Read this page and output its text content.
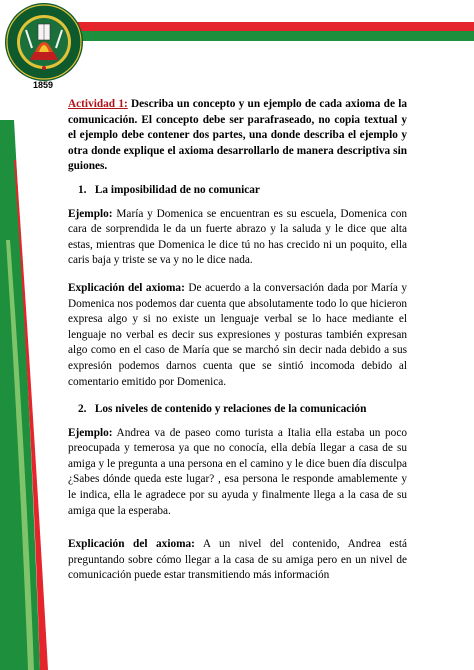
1859

Actividad 1: Describa un concepto y un ejemplo de cada axioma de la comunicación. El concepto debe ser parafraseado, no copia textual y el ejemplo debe contener dos partes, una donde describa el ejemplo y otra donde explique el axioma desarrollarlo de manera descriptiva sin guiones.

1. La imposibilidad de no comunicar

Ejemplo: María y Domenica se encuentran es su escuela, Domenica con cara de sorprendida le da un fuerte abrazo y la saluda y le dice que alta estas, mientras que Domenica le dice tú no has crecido ni un poquito, ella caris baja y triste se va y no le dice nada.

Explicación del axioma: De acuerdo a la conversación dada por María y Domenica nos podemos dar cuenta que absolutamente todo lo que hicieron expresa algo y si no existe un lenguaje verbal se lo hace mediante el lenguaje no verbal es decir sus expresiones y posturas también expresan algo como en el caso de María que se marchó sin decir nada debido a sus expresión podemos darnos cuenta que se sintió incomoda debido al comentario emitido por Domenica.

2. Los niveles de contenido y relaciones de la comunicación

Ejemplo: Andrea va de paseo como turista a Italia ella estaba un poco preocupada y temerosa ya que no conocía, ella debía llegar a casa de su amiga y le pregunta a una persona en el camino y le dice buen día disculpa ¿Sabes dónde queda este lugar? , esa persona le responde amablemente y le indica, ella le agradece por su ayuda y finalmente llega a la casa de su amiga que la esperaba.

Explicación del axioma: A un nivel del contenido, Andrea está preguntando sobre cómo llegar a la casa de su amiga pero en un nivel de comunicación puede estar transmitiendo más información
